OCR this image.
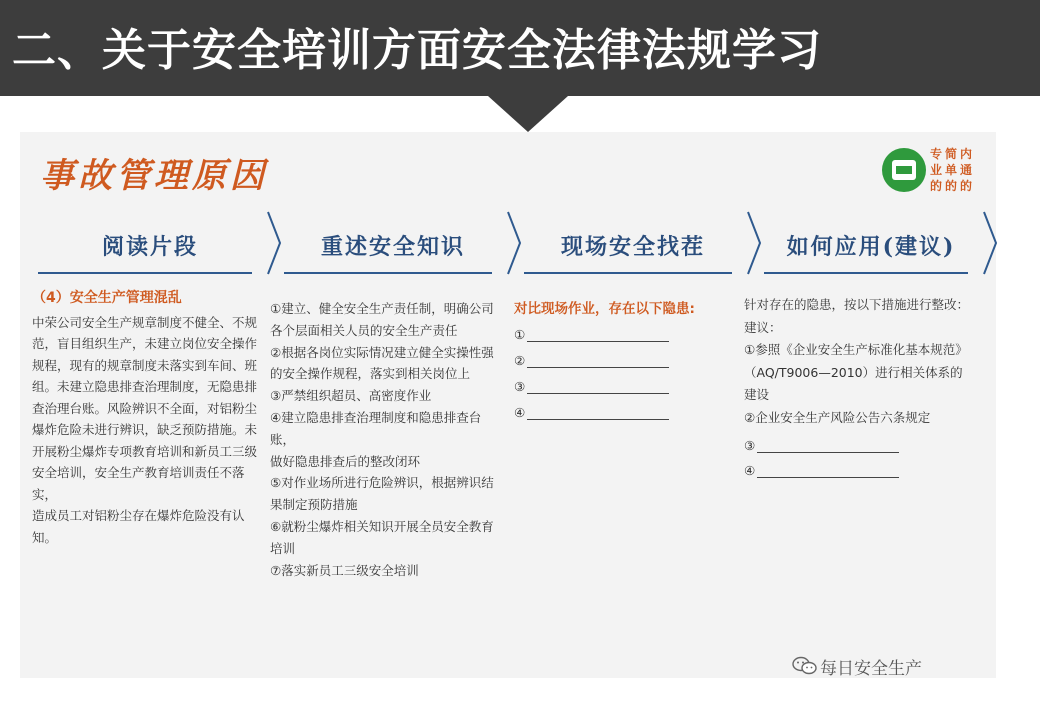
二、关于安全培训方面安全法律法规学习
事故管理原因
专简内业单通的的的
阅读片段	重述安全知识	现场安全找茬	如何应用(建议)

（4）安全生产管理混乱

中荣公司安全生产规章制度不健全、不规

范，盲目组织生产，未建立岗位安全操作

规程，现有的规章制度未落实到车间、班

组。未建立隐患排查治理制度，无隐患排

查治理台账。风险辨识不全面，对铝粉尘

爆炸危险未进行辨识，缺乏预防措施。未

开展粉尘爆炸专项教育培训和新员工三级

安全培训，安全生产教育培训责任不落实，

造成员工对铝粉尘存在爆炸危险没有认知。

①建立、健全安全生产责任制，明确公司

各个层面相关人员的安全生产责任

②根据各岗位实际情况建立健全实操性强

的安全操作规程，落实到相关岗位上

③严禁组织超员、高密度作业

④建立隐患排查治理制度和隐患排查台账，

做好隐患排查后的整改闭环

⑤对作业场所进行危险辨识，根据辨识结

果制定预防措施

⑥就粉尘爆炸相关知识开展全员安全教育

培训

⑦落实新员工三级安全培训

对比现场作业，存在以下隐患:

①

②

③

④

针对存在的隐患，按以下措施进行整改：

建议：

①参照《企业安全生产标准化基本规范》

（AQ/T9006—2010）进行相关体系的

建设

②企业安全生产风险公告六条规定

③

④

每日安全生产
